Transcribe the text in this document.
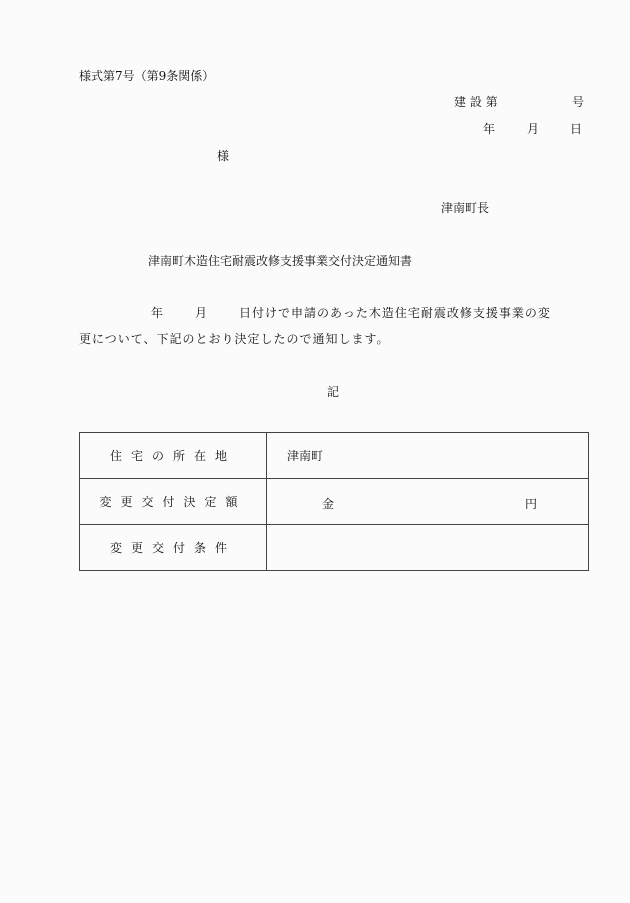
様式第7号（第9条関係）
建 設 第	号
年	月	日
様
津南町長
津南町木造住宅耐震改修支援事業交付決定通知書
年	月	日付けで申請のあった木造住宅耐震改修支援事業の変
更について、下記のとおり決定したので通知します。
記
住宅の所在地	津南町
変更交付決定額	金 円

変更交付条件	
